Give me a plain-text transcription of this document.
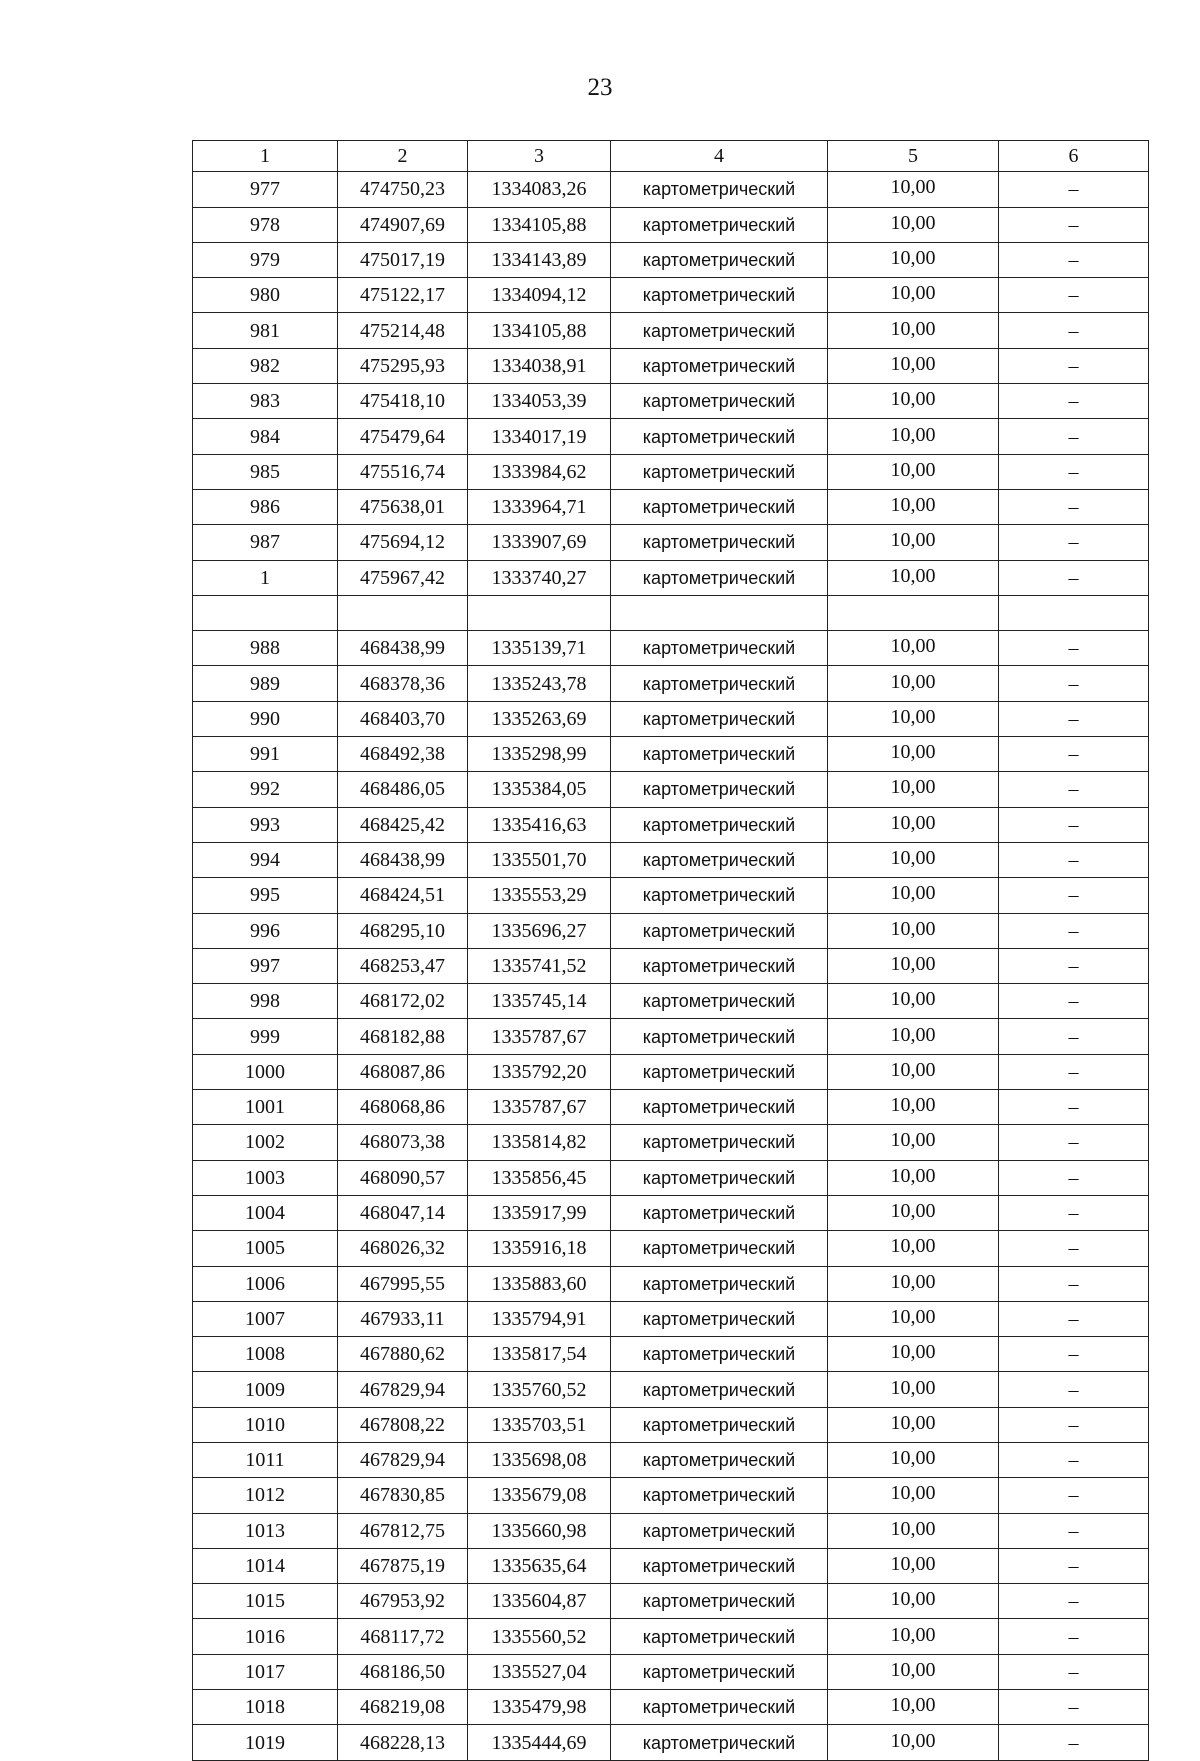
23
1	2	3	4	5	6
977	474750,23	1334083,26	картометрический	10,00	–
978	474907,69	1334105,88	картометрический	10,00	–
979	475017,19	1334143,89	картометрический	10,00	–
980	475122,17	1334094,12	картометрический	10,00	–
981	475214,48	1334105,88	картометрический	10,00	–
982	475295,93	1334038,91	картометрический	10,00	–
983	475418,10	1334053,39	картометрический	10,00	–
984	475479,64	1334017,19	картометрический	10,00	–
985	475516,74	1333984,62	картометрический	10,00	–
986	475638,01	1333964,71	картометрический	10,00	–
987	475694,12	1333907,69	картометрический	10,00	–
1	475967,42	1333740,27	картометрический	10,00	–

988	468438,99	1335139,71	картометрический	10,00	–
989	468378,36	1335243,78	картометрический	10,00	–
990	468403,70	1335263,69	картометрический	10,00	–
991	468492,38	1335298,99	картометрический	10,00	–
992	468486,05	1335384,05	картометрический	10,00	–
993	468425,42	1335416,63	картометрический	10,00	–
994	468438,99	1335501,70	картометрический	10,00	–
995	468424,51	1335553,29	картометрический	10,00	–
996	468295,10	1335696,27	картометрический	10,00	–
997	468253,47	1335741,52	картометрический	10,00	–
998	468172,02	1335745,14	картометрический	10,00	–
999	468182,88	1335787,67	картометрический	10,00	–
1000	468087,86	1335792,20	картометрический	10,00	–
1001	468068,86	1335787,67	картометрический	10,00	–
1002	468073,38	1335814,82	картометрический	10,00	–
1003	468090,57	1335856,45	картометрический	10,00	–
1004	468047,14	1335917,99	картометрический	10,00	–
1005	468026,32	1335916,18	картометрический	10,00	–
1006	467995,55	1335883,60	картометрический	10,00	–
1007	467933,11	1335794,91	картометрический	10,00	–
1008	467880,62	1335817,54	картометрический	10,00	–
1009	467829,94	1335760,52	картометрический	10,00	–
1010	467808,22	1335703,51	картометрический	10,00	–
1011	467829,94	1335698,08	картометрический	10,00	–
1012	467830,85	1335679,08	картометрический	10,00	–
1013	467812,75	1335660,98	картометрический	10,00	–
1014	467875,19	1335635,64	картометрический	10,00	–
1015	467953,92	1335604,87	картометрический	10,00	–
1016	468117,72	1335560,52	картометрический	10,00	–
1017	468186,50	1335527,04	картометрический	10,00	–
1018	468219,08	1335479,98	картометрический	10,00	–
1019	468228,13	1335444,69	картометрический	10,00	–
